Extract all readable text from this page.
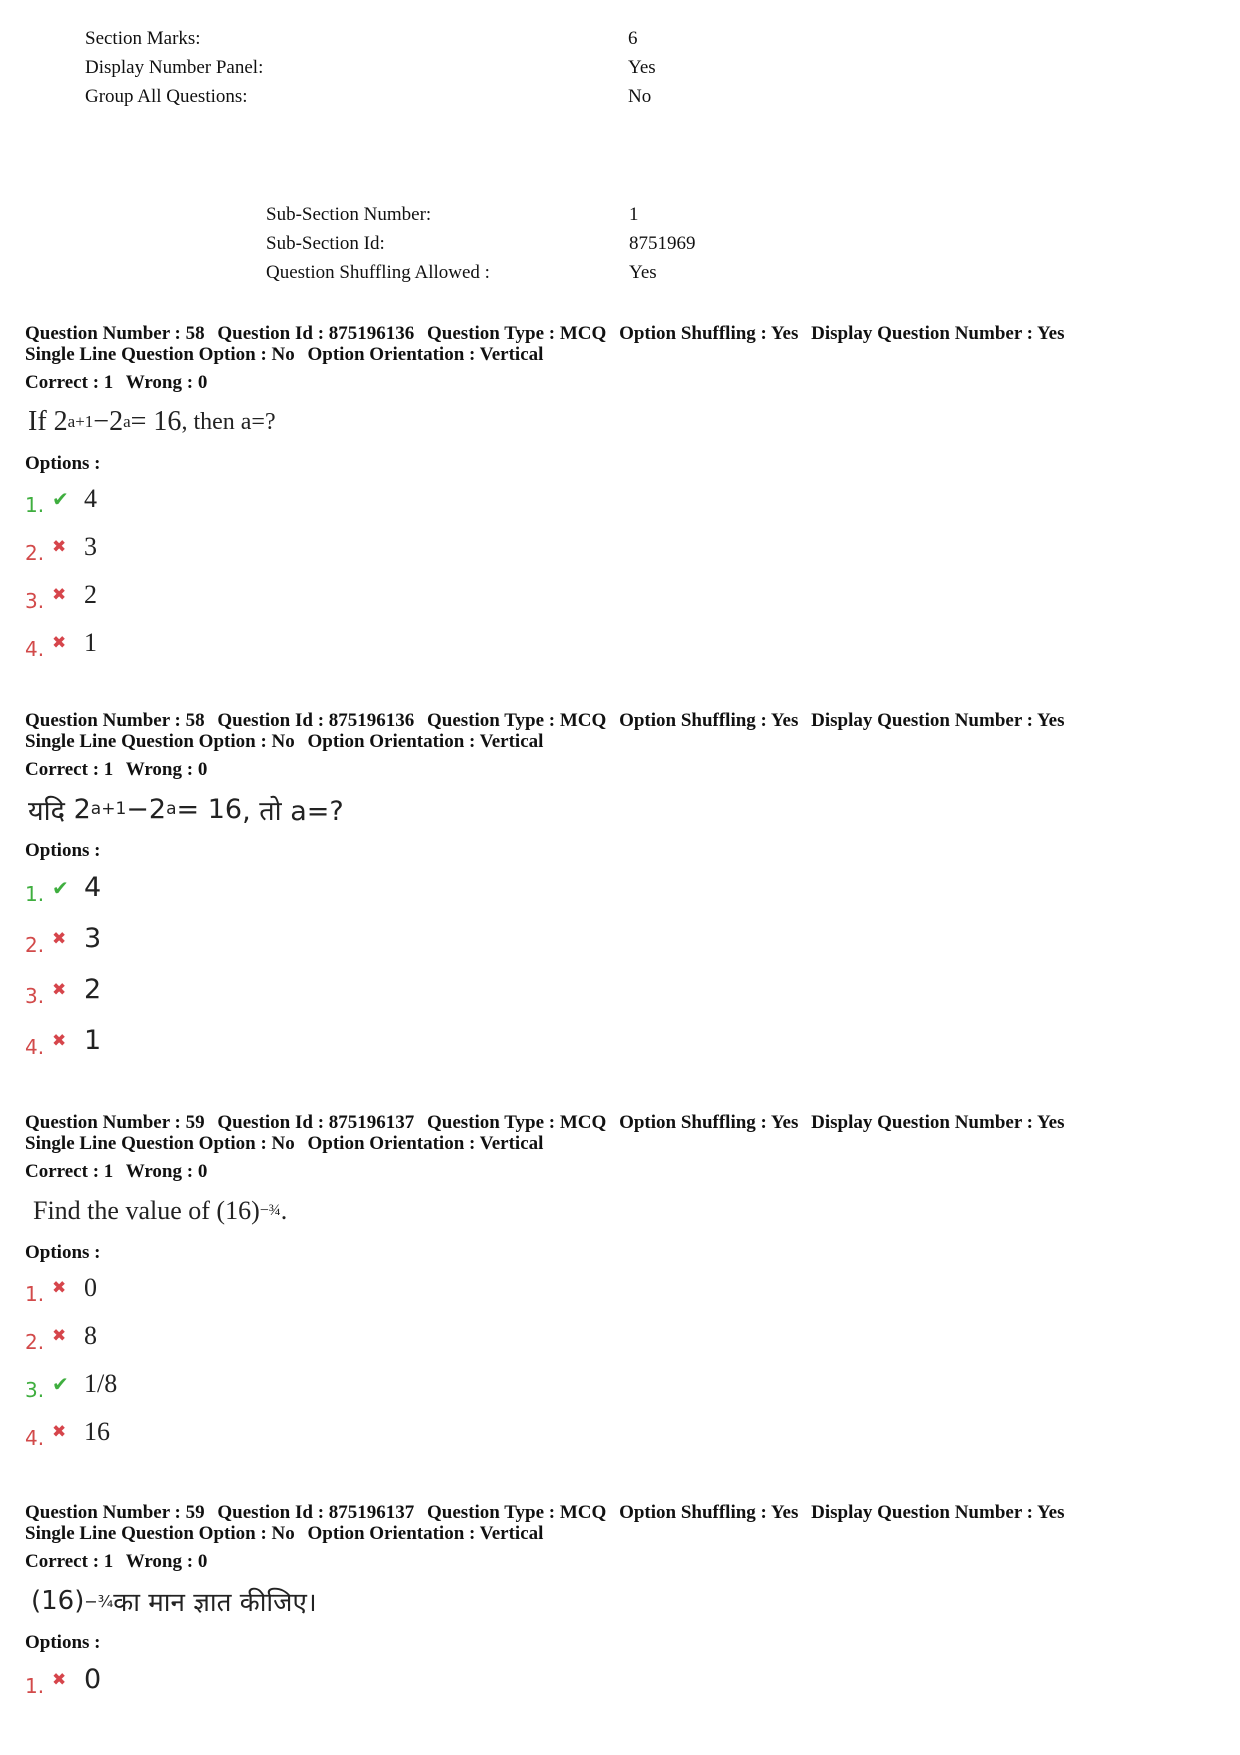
Section Marks:	6
Display Number Panel:	Yes
Group All Questions:	No
Sub-Section Number:	1
Sub-Section Id:	8751969
Question Shuffling Allowed :	Yes
Question Number : 58 Question Id : 875196136 Question Type : MCQ Option Shuffling : Yes Display Question Number : Yes
Single Line Question Option : No Option Orientation : Vertical
Correct : 1 Wrong : 0
If
2 a+1 − 2 a = 16 , then a=?
Options :
1. ✔ 4
2. ✖ 3
3. ✖ 2
4. ✖ 1
Question Number : 58 Question Id : 875196136 Question Type : MCQ Option Shuffling : Yes Display Question Number : Yes
Single Line Question Option : No Option Orientation : Vertical
Correct : 1 Wrong : 0
यदि
2 a+1 − 2 a = 16 , तो a=?
Options :
1. ✔ 4
2. ✖ 3
3. ✖ 2
4. ✖ 1
Question Number : 59 Question Id : 875196137 Question Type : MCQ Option Shuffling : Yes Display Question Number : Yes
Single Line Question Option : No Option Orientation : Vertical
Correct : 1 Wrong : 0
Find the value of (16) −¾ .
Options :
1. ✖ 0
2. ✖ 8
3. ✔ 1/8
4. ✖ 16
Question Number : 59 Question Id : 875196137 Question Type : MCQ Option Shuffling : Yes Display Question Number : Yes
Single Line Question Option : No Option Orientation : Vertical
Correct : 1 Wrong : 0
(16) −¾ का मान ज्ञात कीजिए।
Options :
1. ✖ 0
